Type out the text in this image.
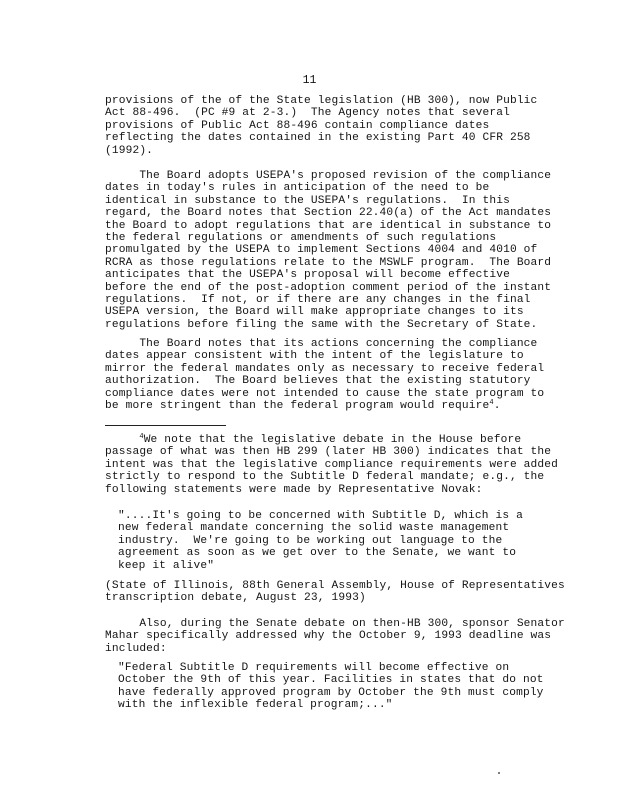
11
provisions of the of the State legislation (HB 300), now Public
Act 88-496.  (PC #9 at 2-3.)  The Agency notes that several
provisions of Public Act 88-496 contain compliance dates
reflecting the dates contained in the existing Part 40 CFR 258
(1992).
The Board adopts USEPA's proposed revision of the compliance
dates in today's rules in anticipation of the need to be
identical in substance to the USEPA's regulations.  In this
regard, the Board notes that Section 22.40(a) of the Act mandates
the Board to adopt regulations that are identical in substance to
the federal regulations or amendments of such regulations
promulgated by the USEPA to implement Sections 4004 and 4010 of
RCRA as those regulations relate to the MSWLF program.  The Board
anticipates that the USEPA's proposal will become effective
before the end of the post-adoption comment period of the instant
regulations.  If not, or if there are any changes in the final
USEPA version, the Board will make appropriate changes to its
regulations before filing the same with the Secretary of State.
The Board notes that its actions concerning the compliance
dates appear consistent with the intent of the legislature to
mirror the federal mandates only as necessary to receive federal
authorization.  The Board believes that the existing statutory
compliance dates were not intended to cause the state program to
be more stringent than the federal program would require$^4$.
$^4$We note that the legislative debate in the House before
passage of what was then HB 299 (later HB 300) indicates that the
intent was that the legislative compliance requirements were added
strictly to respond to the Subtitle D federal mandate; e.g., the
following statements were made by Representative Novak:
"....It's going to be concerned with Subtitle D, which is a
new federal mandate concerning the solid waste management
industry.  We're going to be working out language to the
agreement as soon as we get over to the Senate, we want to
keep it alive"
(State of Illinois, 88th General Assembly, House of Representatives
transcription debate, August 23, 1993)
Also, during the Senate debate on then-HB 300, sponsor Senator
Mahar specifically addressed why the October 9, 1993 deadline was
included:
"Federal Subtitle D requirements will become effective on
October the 9th of this year. Facilities in states that do not
have federally approved program by October the 9th must comply
with the inflexible federal program;..."
